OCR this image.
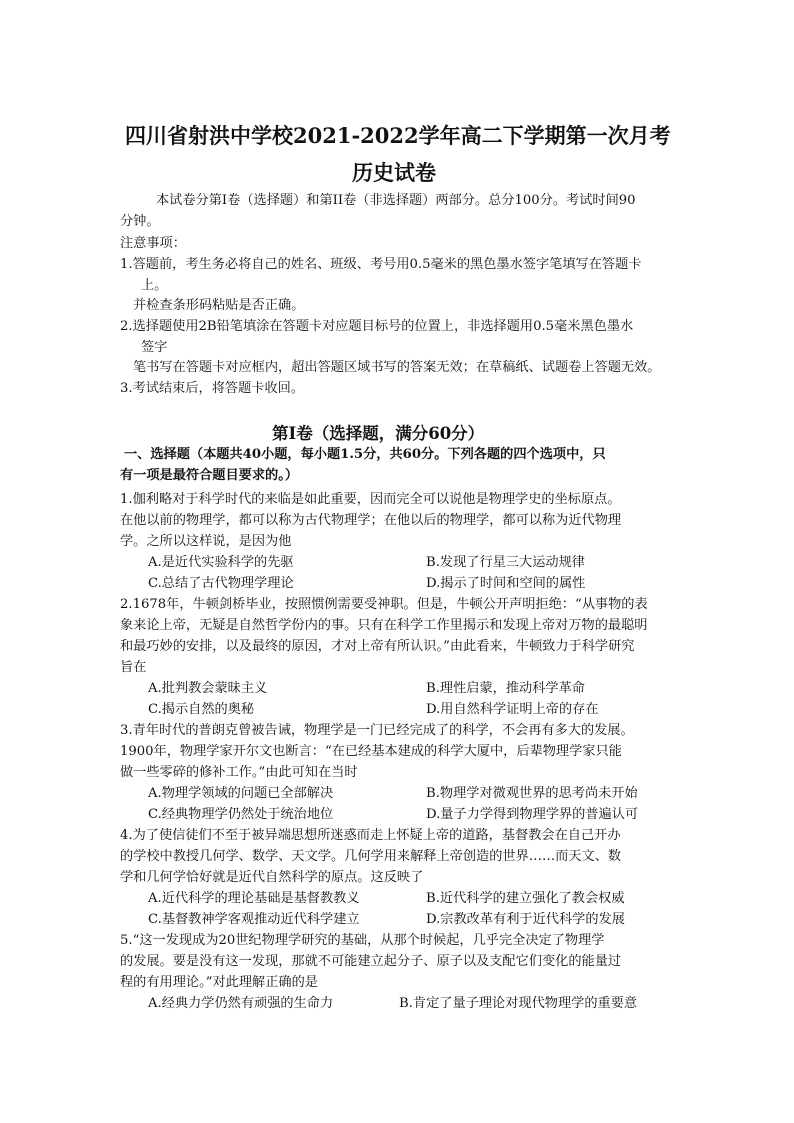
四川省射洪中学校2021-2022学年高二下学期第一次月考
历史试卷
本试卷分第Ⅰ卷（选择题）和第II卷（非选择题）两部分。总分100分。考试时间90
分钟。
注意事项：
1.答题前，考生务必将自己的姓名、班级、考号用0.5毫米的黑色墨水签字笔填写在答题卡
上。
并检查条形码粘贴是否正确。
2.选择题使用2B铅笔填涂在答题卡对应题目标号的位置上，非选择题用0.5毫米黑色墨水
签字
笔书写在答题卡对应框内，超出答题区域书写的答案无效；在草稿纸、试题卷上答题无效。
3.考试结束后，将答题卡收回。
第Ⅰ卷（选择题，满分60分）
一、选择题（本题共40小题，每小题1.5分，共60分。下列各题的四个选项中，只
有一项是最符合题目要求的。）
1.伽利略对于科学时代的来临是如此重要，因而完全可以说他是物理学史的坐标原点。
在他以前的物理学，都可以称为古代物理学；在他以后的物理学，都可以称为近代物理
学。之所以这样说，是因为他
A.是近代实验科学的先驱	B.发现了行星三大运动规律
C.总结了古代物理学理论	D.揭示了时间和空间的属性
2.1678年，牛顿剑桥毕业，按照惯例需要受神职。但是，牛顿公开声明拒绝：“从事物的表
象来论上帝，无疑是自然哲学份内的事。只有在科学工作里揭示和发现上帝对万物的最聪明
和最巧妙的安排，以及最终的原因，才对上帝有所认识。”由此看来，牛顿致力于科学研究
旨在
A.批判教会蒙昧主义	B.理性启蒙，推动科学革命
C.揭示自然的奥秘	D.用自然科学证明上帝的存在
3.青年时代的普朗克曾被告诫，物理学是一门已经完成了的科学，不会再有多大的发展。
1900年，物理学家开尔文也断言：“在已经基本建成的科学大厦中，后辈物理学家只能
做一些零碎的修补工作。”由此可知在当时
A.物理学领域的问题已全部解决	B.物理学对微观世界的思考尚未开始
C.经典物理学仍然处于统治地位	D.量子力学得到物理学界的普遍认可
4.为了使信徒们不至于被异端思想所迷惑而走上怀疑上帝的道路，基督教会在自己开办
的学校中教授几何学、数学、天文学。几何学用来解释上帝创造的世界……而天文、数
学和几何学恰好就是近代自然科学的原点。这反映了
A.近代科学的理论基础是基督教教义	B.近代科学的建立强化了教会权威
C.基督教神学客观推动近代科学建立	D.宗教改革有利于近代科学的发展
5.“这一发现成为20世纪物理学研究的基础，从那个时候起，几乎完全决定了物理学
的发展。要是没有这一发现，那就不可能建立起分子、原子以及支配它们变化的能量过
程的有用理论。”对此理解正确的是
A.经典力学仍然有顽强的生命力	B.肯定了量子理论对现代物理学的重要意
